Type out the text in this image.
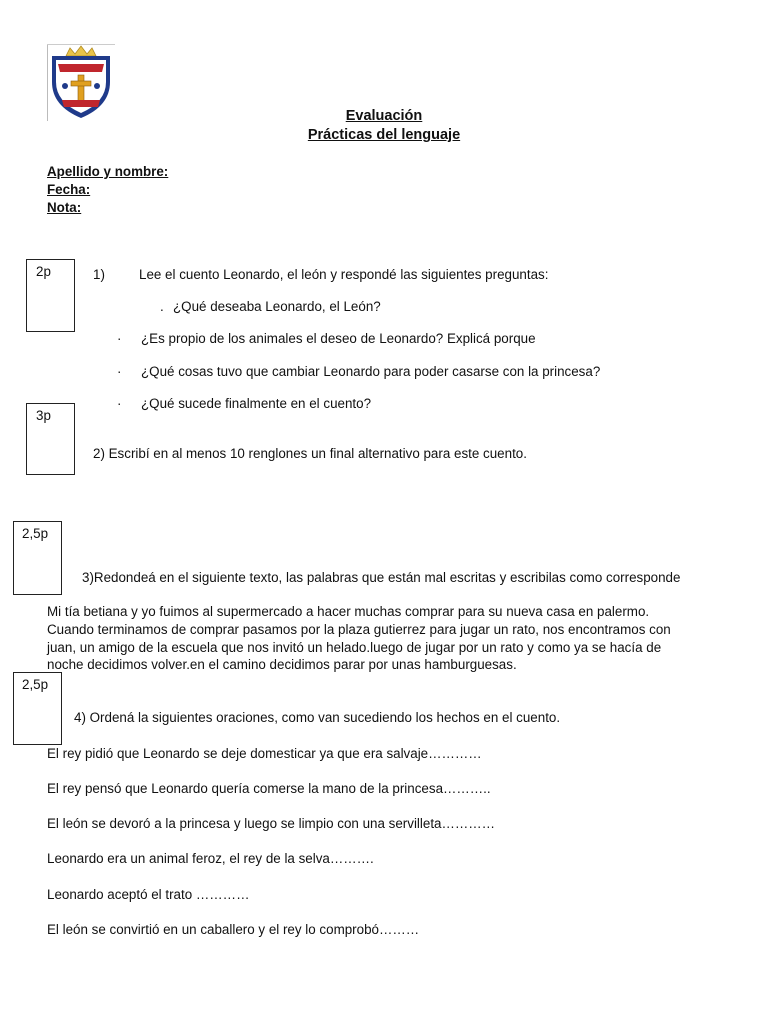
Evaluación
Prácticas del lenguaje
Apellido y nombre:
Fecha:
Nota:
2p
3p
2,5p
2,5p
1)	Lee el cuento Leonardo, el león y respondé las siguientes preguntas:
. ¿Qué deseaba Leonardo, el León?
· ¿Es propio de los animales el deseo de Leonardo? Explicá porque
· ¿Qué cosas tuvo que cambiar Leonardo para poder casarse con la princesa?
· ¿Qué sucede finalmente en el cuento?
2) Escribí en al menos 10 renglones un final alternativo para este cuento.
3)Redondeá en el siguiente texto, las palabras que están mal escritas y escribilas como corresponde
Mi tía betiana y yo fuimos al supermercado a hacer muchas comprar para su nueva casa en palermo.
Cuando terminamos de comprar pasamos por la plaza gutierrez para jugar un rato, nos encontramos con
juan, un amigo de la escuela que nos invitó un helado.luego de jugar por un rato y como ya se hacía de
noche decidimos volver.en el camino decidimos parar por unas hamburguesas.
4) Ordená la siguientes oraciones, como van sucediendo los hechos en el cuento.
El rey pidió que Leonardo se deje domesticar ya que era salvaje…………
El rey pensó que Leonardo quería comerse la mano de la princesa………..
El león se devoró a la princesa y luego se limpio con una servilleta…………
Leonardo era un animal feroz, el rey de la selva……….
Leonardo aceptó el trato …………
El león se convirtió en un caballero y el rey lo comprobó………
